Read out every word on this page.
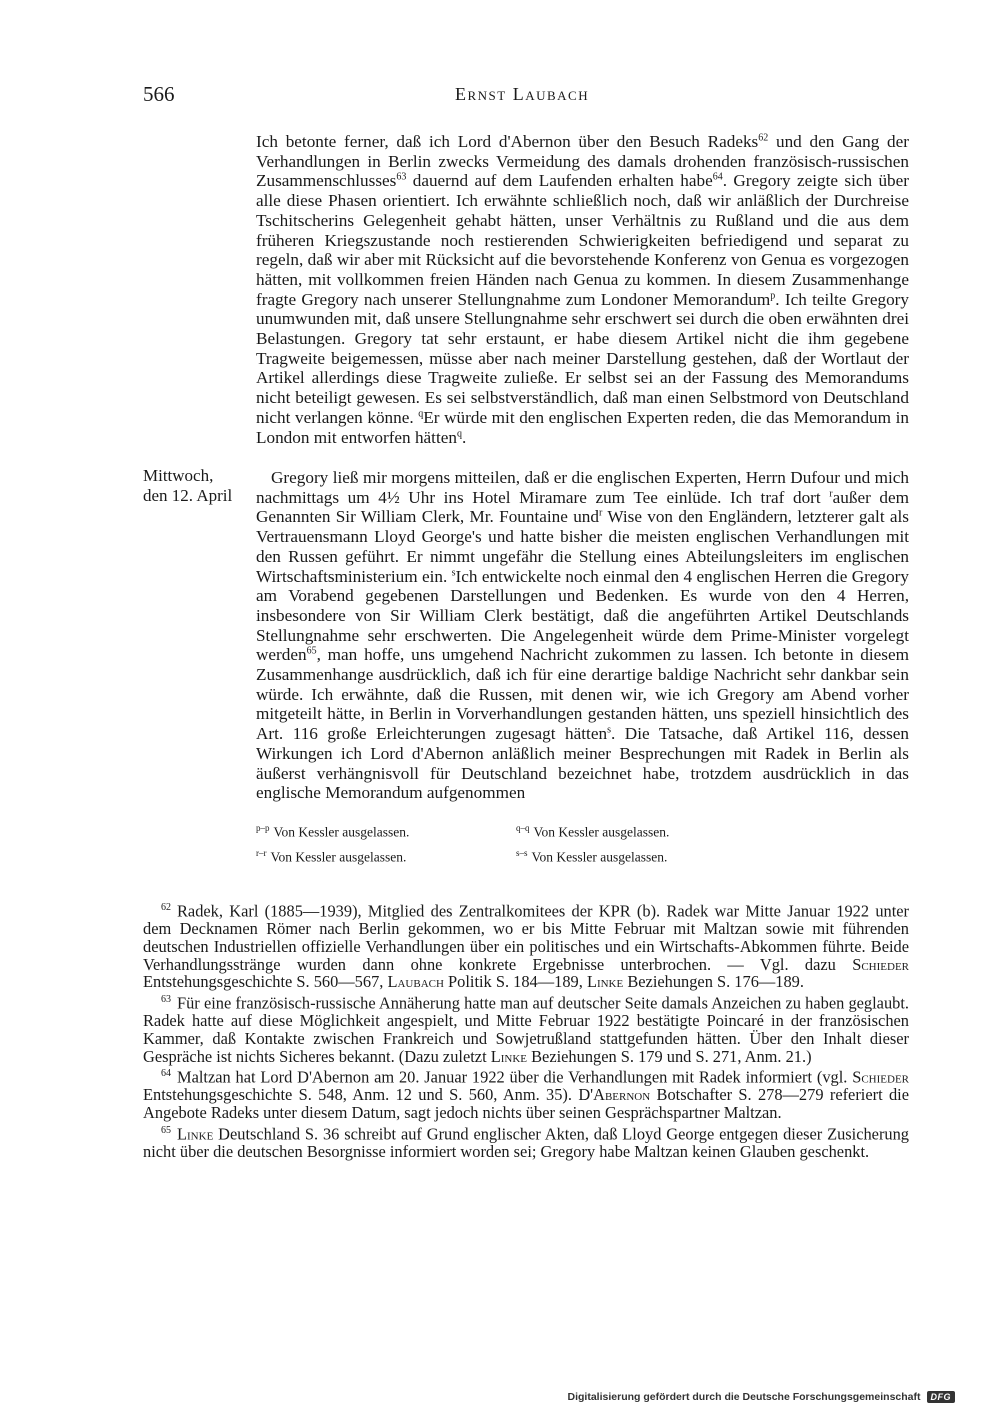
566	Ernst Laubach
Ich betonte ferner, daß ich Lord d'Abernon über den Besuch Radeks$^{62}$ und den Gang der Verhandlungen in Berlin zwecks Vermeidung des damals drohenden französisch-russischen Zusammenschlusses$^{63}$ dauernd auf dem Laufenden erhalten habe$^{64}$. Gregory zeigte sich über alle diese Phasen orientiert. Ich erwähnte schließlich noch, daß wir anläßlich der Durchreise Tschitscherins Gelegenheit gehabt hätten, unser Verhältnis zu Rußland und die aus dem früheren Kriegszustande noch restierenden Schwierigkeiten befriedigend und separat zu regeln, daß wir aber mit Rücksicht auf die bevorstehende Konferenz von Genua es vorgezogen hätten, mit vollkommen freien Händen nach Genua zu kommen. In diesem Zusammenhange fragte Gregory nach unserer Stellungnahme zum Londoner Memorandum$^p$. Ich teilte Gregory unumwunden mit, daß unsere Stellungnahme sehr erschwert sei durch die oben erwähnten drei Belastungen. Gregory tat sehr erstaunt, er habe diesem Artikel nicht die ihm gegebene Tragweite beigemessen, müsse aber nach meiner Darstellung gestehen, daß der Wortlaut der Artikel allerdings diese Tragweite zuließe. Er selbst sei an der Fassung des Memorandums nicht beteiligt gewesen. Es sei selbstverständlich, daß man einen Selbstmord von Deutschland nicht verlangen könne. $^q$Er würde mit den englischen Experten reden, die das Memorandum in London mit entworfen hätten$^q$.
Mittwoch,
den 12. April
Gregory ließ mir morgens mitteilen, daß er die englischen Experten, Herrn Dufour und mich nachmittags um 4½ Uhr ins Hotel Miramare zum Tee einlüde. Ich traf dort $^r$außer dem Genannten Sir William Clerk, Mr. Fountaine und$^r$ Wise von den Engländern, letzterer galt als Vertrauensmann Lloyd George's und hatte bisher die meisten englischen Verhandlungen mit den Russen geführt. Er nimmt ungefähr die Stellung eines Abteilungsleiters im englischen Wirtschaftsministerium ein. $^s$Ich entwickelte noch einmal den 4 englischen Herren die Gregory am Vorabend gegebenen Darstellungen und Bedenken. Es wurde von den 4 Herren, insbesondere von Sir William Clerk bestätigt, daß die angeführten Artikel Deutschlands Stellungnahme sehr erschwerten. Die Angelegenheit würde dem Prime-Minister vorgelegt werden$^{65}$, man hoffe, uns umgehend Nachricht zukommen zu lassen. Ich betonte in diesem Zusammenhange ausdrücklich, daß ich für eine derartige baldige Nachricht sehr dankbar sein würde. Ich erwähnte, daß die Russen, mit denen wir, wie ich Gregory am Abend vorher mitgeteilt hätte, in Berlin in Vorverhandlungen gestanden hätten, uns speziell hinsichtlich des Art. 116 große Erleichterungen zugesagt hätten$^s$. Die Tatsache, daß Artikel 116, dessen Wirkungen ich Lord d'Abernon anläßlich meiner Besprechungen mit Radek in Berlin als äußerst verhängnisvoll für Deutschland bezeichnet habe, trotzdem ausdrücklich in das englische Memorandum aufgenommen
$^{p-p}$ Von Kessler ausgelassen.	$^{q-q}$ Von Kessler ausgelassen.
$^{r-r}$ Von Kessler ausgelassen.	$^{s-s}$ Von Kessler ausgelassen.

$^{62}$ Radek, Karl (1885—1939), Mitglied des Zentralkomitees der KPR (b). Radek war Mitte Januar 1922 unter dem Decknamen Römer nach Berlin gekommen, wo er bis Mitte Februar mit Maltzan sowie mit führenden deutschen Industriellen offizielle Verhandlungen über ein politisches und ein Wirtschafts-Abkommen führte. Beide Verhandlungsstränge wurden dann ohne konkrete Ergebnisse unterbrochen. — Vgl. dazu Schieder Entstehungsgeschichte S. 560—567, Laubach Politik S. 184—189, Linke Beziehungen S. 176—189.

$^{63}$ Für eine französisch-russische Annäherung hatte man auf deutscher Seite damals Anzeichen zu haben geglaubt. Radek hatte auf diese Möglichkeit angespielt, und Mitte Februar 1922 bestätigte Poincaré in der französischen Kammer, daß Kontakte zwischen Frankreich und Sowjetrußland stattgefunden hätten. Über den Inhalt dieser Gespräche ist nichts Sicheres bekannt. (Dazu zuletzt Linke Beziehungen S. 179 und S. 271, Anm. 21.)

$^{64}$ Maltzan hat Lord D'Abernon am 20. Januar 1922 über die Verhandlungen mit Radek informiert (vgl. Schieder Entstehungsgeschichte S. 548, Anm. 12 und S. 560, Anm. 35). D'Abernon Botschafter S. 278—279 referiert die Angebote Radeks unter diesem Datum, sagt jedoch nichts über seinen Gesprächspartner Maltzan.

$^{65}$ Linke Deutschland S. 36 schreibt auf Grund englischer Akten, daß Lloyd George entgegen dieser Zusicherung nicht über die deutschen Besorgnisse informiert worden sei; Gregory habe Maltzan keinen Glauben geschenkt.

Digitalisierung gefördert durch die Deutsche Forschungsgemeinschaft	DFG
